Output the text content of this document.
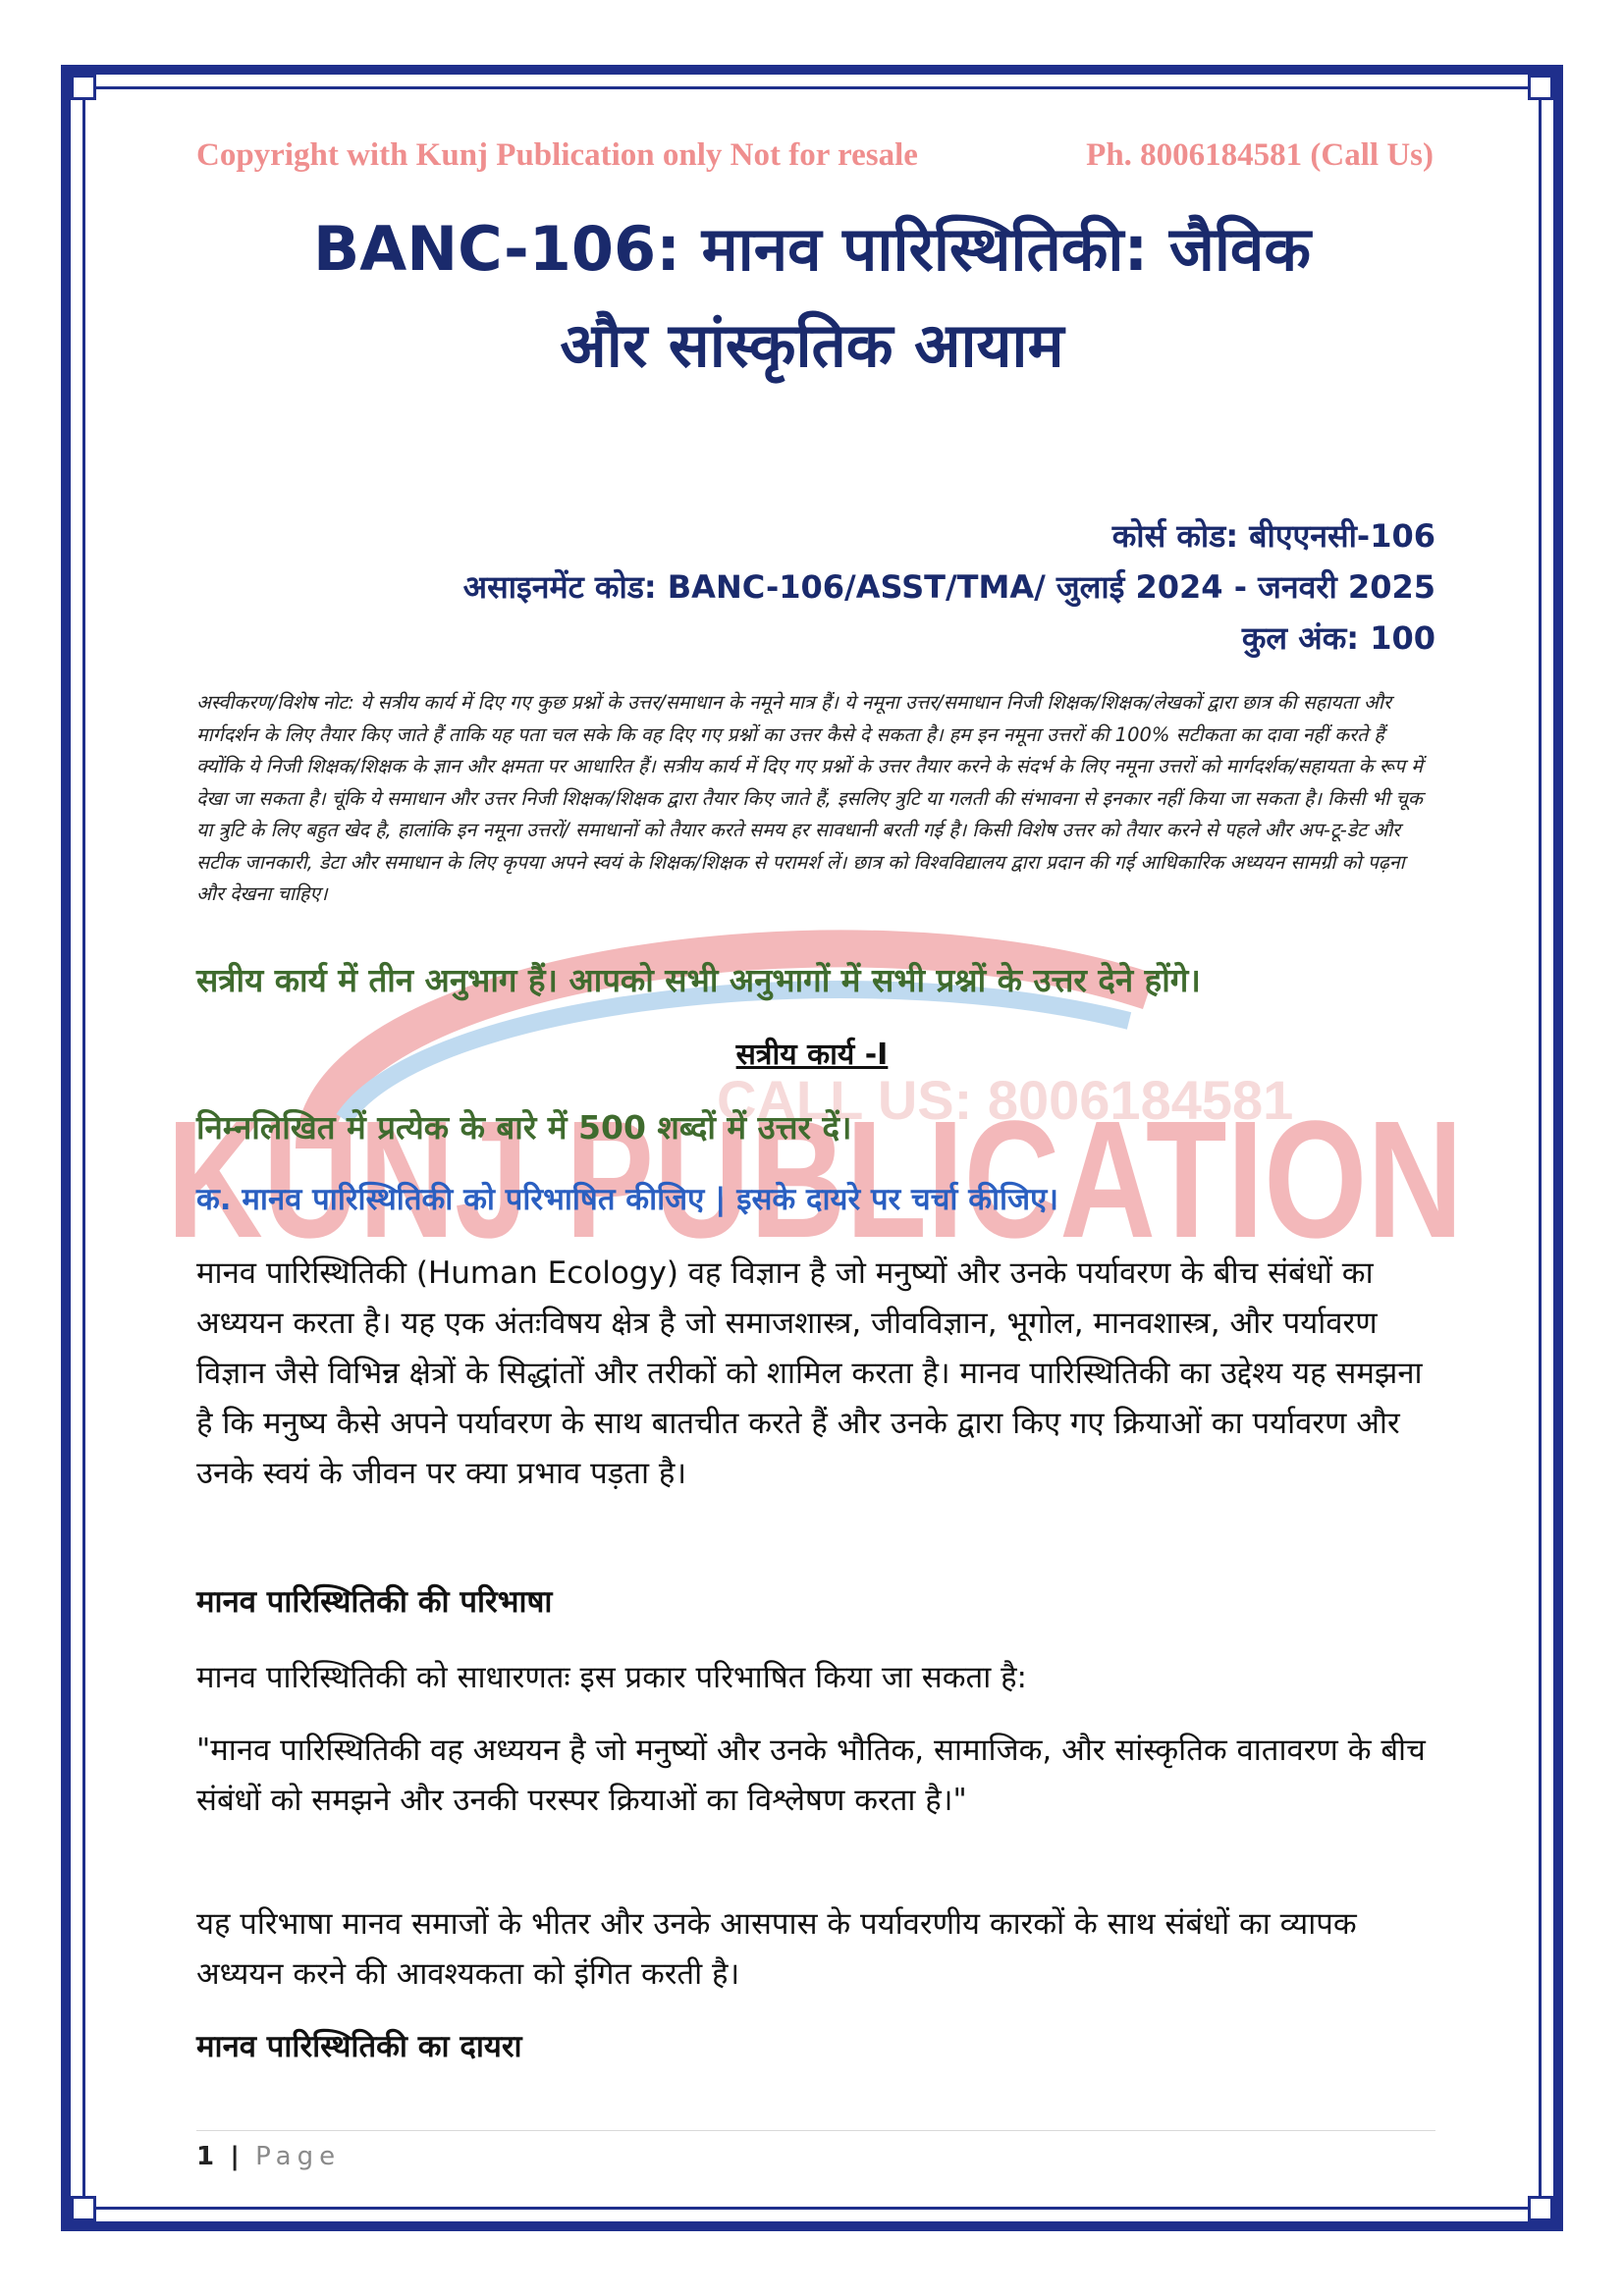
KUNJ PUBLICATION
CALL US: 8006184581
Copyright with Kunj Publication only Not for resale	Ph. 8006184581 (Call Us)
BANC-106: मानव पारिस्थितिकी: जैविक
और सांस्कृतिक आयाम
कोर्स कोड: बीएएनसी-106
असाइनमेंट कोड: BANC-106/ASST/TMA/ जुलाई 2024 - जनवरी 2025
कुल अंक: 100
अस्वीकरण/विशेष नोट: ये सत्रीय कार्य में दिए गए कुछ प्रश्नों के उत्तर/समाधान के नमूने मात्र हैं। ये नमूना उत्तर/समाधान निजी शिक्षक/शिक्षक/लेखकों द्वारा छात्र की सहायता और मार्गदर्शन के लिए तैयार किए जाते हैं ताकि यह पता चल सके कि वह दिए गए प्रश्नों का उत्तर कैसे दे सकता है। हम इन नमूना उत्तरों की 100% सटीकता का दावा नहीं करते हैं क्योंकि ये निजी शिक्षक/शिक्षक के ज्ञान और क्षमता पर आधारित हैं। सत्रीय कार्य में दिए गए प्रश्नों के उत्तर तैयार करने के संदर्भ के लिए नमूना उत्तरों को मार्गदर्शक/सहायता के रूप में देखा जा सकता है। चूंकि ये समाधान और उत्तर निजी शिक्षक/शिक्षक द्वारा तैयार किए जाते हैं, इसलिए त्रुटि या गलती की संभावना से इनकार नहीं किया जा सकता है। किसी भी चूक या त्रुटि के लिए बहुत खेद है, हालांकि इन नमूना उत्तरों/ समाधानों को तैयार करते समय हर सावधानी बरती गई है। किसी विशेष उत्तर को तैयार करने से पहले और अप-टू-डेट और सटीक जानकारी, डेटा और समाधान के लिए कृपया अपने स्वयं के शिक्षक/शिक्षक से परामर्श लें। छात्र को विश्वविद्यालय द्वारा प्रदान की गई आधिकारिक अध्ययन सामग्री को पढ़ना और देखना चाहिए।
सत्रीय कार्य में तीन अनुभाग हैं। आपको सभी अनुभागों में सभी प्रश्नों के उत्तर देने होंगे।
सत्रीय कार्य -I
निम्नलिखित में प्रत्येक के बारे में 500 शब्दों में उत्तर दें।
क. मानव पारिस्थितिकी को परिभाषित कीजिए | इसके दायरे पर चर्चा कीजिए।
मानव पारिस्थितिकी (Human Ecology) वह विज्ञान है जो मनुष्यों और उनके पर्यावरण के बीच संबंधों का अध्ययन करता है। यह एक अंतःविषय क्षेत्र है जो समाजशास्त्र, जीवविज्ञान, भूगोल, मानवशास्त्र, और पर्यावरण विज्ञान जैसे विभिन्न क्षेत्रों के सिद्धांतों और तरीकों को शामिल करता है। मानव पारिस्थितिकी का उद्देश्य यह समझना है कि मनुष्य कैसे अपने पर्यावरण के साथ बातचीत करते हैं और उनके द्वारा किए गए क्रियाओं का पर्यावरण और उनके स्वयं के जीवन पर क्या प्रभाव पड़ता है।
मानव पारिस्थितिकी की परिभाषा
मानव पारिस्थितिकी को साधारणतः इस प्रकार परिभाषित किया जा सकता है:
"मानव पारिस्थितिकी वह अध्ययन है जो मनुष्यों और उनके भौतिक, सामाजिक, और सांस्कृतिक वातावरण के बीच संबंधों को समझने और उनकी परस्पर क्रियाओं का विश्लेषण करता है।"
यह परिभाषा मानव समाजों के भीतर और उनके आसपास के पर्यावरणीय कारकों के साथ संबंधों का व्यापक अध्ययन करने की आवश्यकता को इंगित करती है।
मानव पारिस्थितिकी का दायरा
1 | Page
